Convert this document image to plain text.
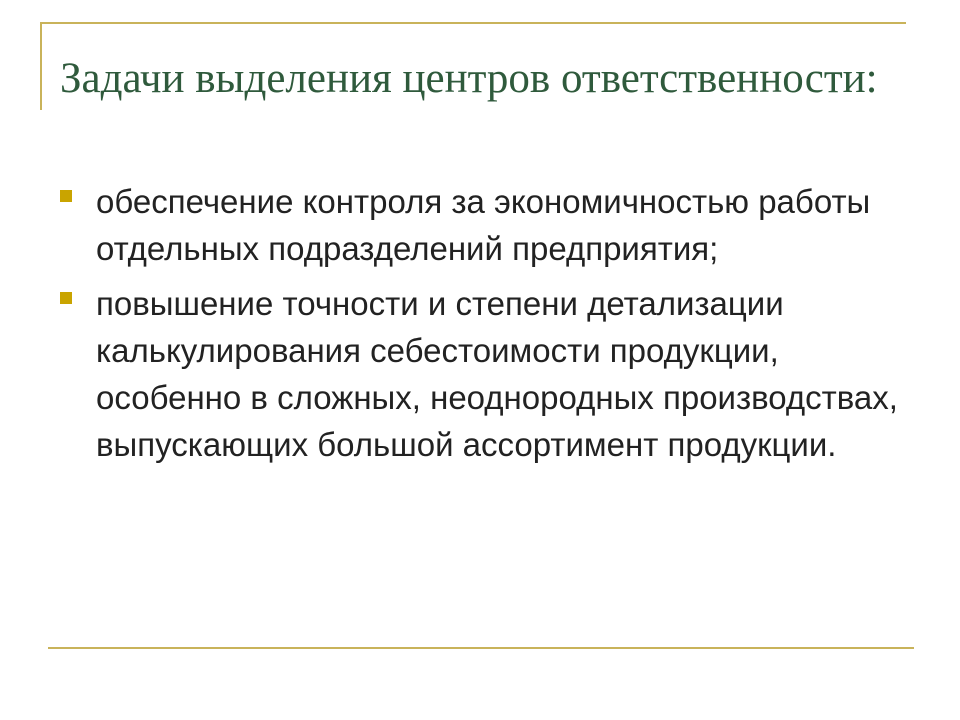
Задачи выделения центров ответственности:
обеспечение контроля за экономичностью работы отдельных подразделений предприятия;
повышение точности и степени детализации калькулирования себестоимости продукции, особенно в сложных, неоднородных производствах, выпускающих большой ассортимент продукции.
